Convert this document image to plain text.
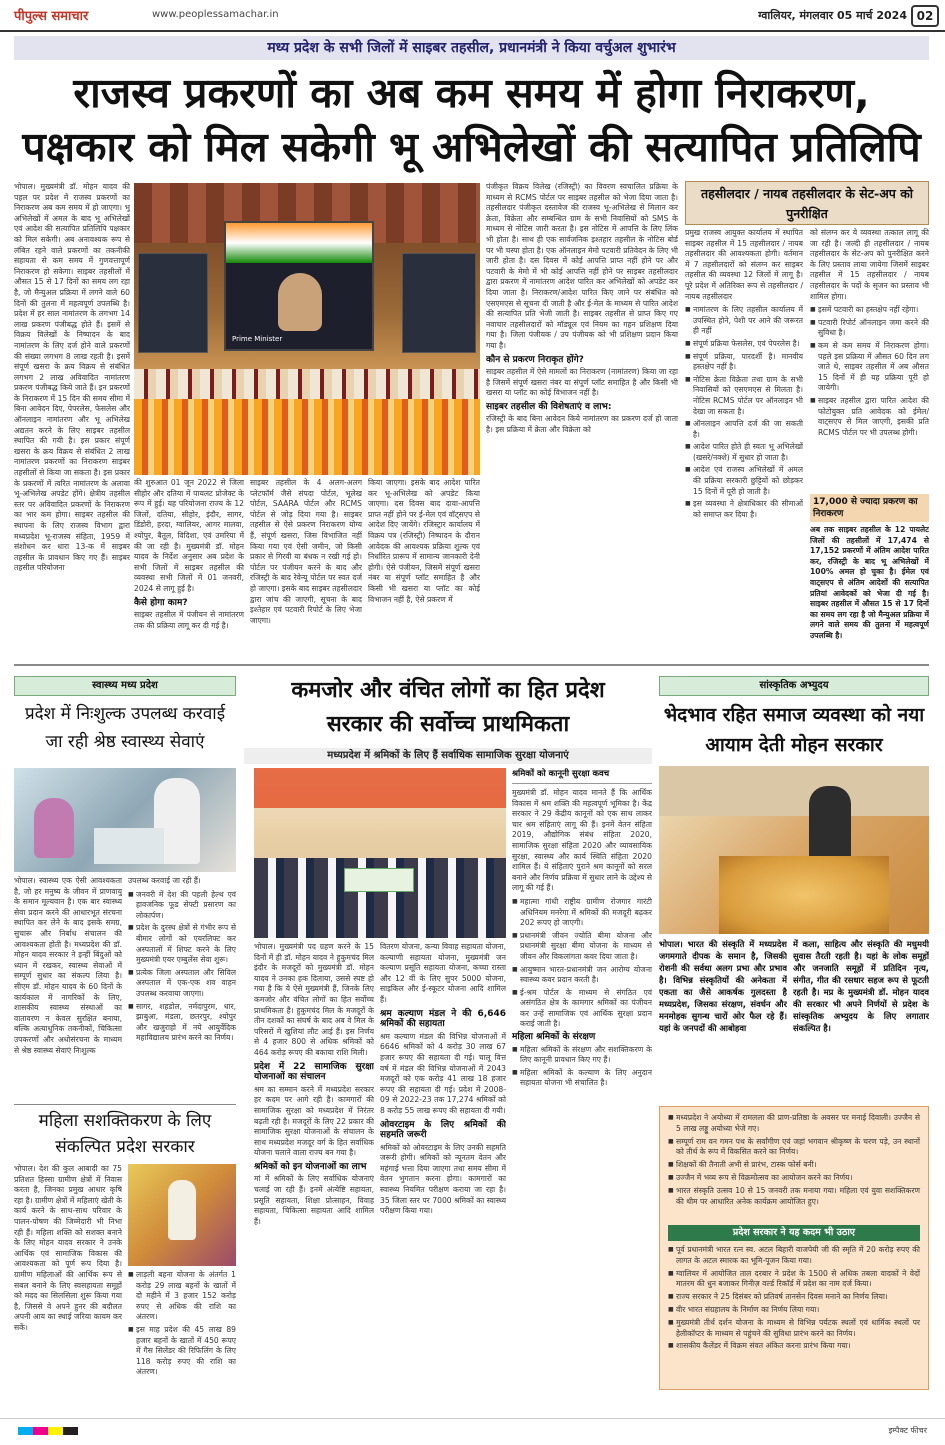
पीपुल्स समाचार	www.peoplessamachar.in	ग्वालियर, मंगलवार 05 मार्च 2024 02
मध्य प्रदेश के सभी जिलों में साइबर तहसील, प्रधानमंत्री ने किया वर्चुअल शुभारंभ
राजस्व प्रकरणों का अब कम समय में होगा निराकरण,
पक्षकार को मिल सकेगी भू अभिलेखों की सत्यापित प्रतिलिपि

भोपाल। मुख्यमंत्री डॉ. मोहन यादव की पहल पर प्रदेश में राजस्व प्रकरणों का निराकरण अब कम समय में हो जाएगा। भू अभिलेखों में अमल के बाद भू अभिलेखों एवं आदेश की सत्यापित प्रतिलिपि पक्षकार को मिल सकेगी। अब अनावश्यक रूप से लंबित रहने वाले प्रकरणों का तकनीकी सहायता से कम समय में गुणवत्तापूर्ण निराकरण हो सकेगा। साइबर तहसीलों में औसत 15 से 17 दिनों का समय लग रहा है, जो मैन्युअल प्रक्रिया में लगने वाले 60 दिनों की तुलना में महत्वपूर्ण उपलब्धि है। प्रदेश में हर साल नामांतरण के लगभग 14 लाख प्रकरण पंजीबद्ध होते हैं। इसमें से विक्रय विलेखों के निष्पादन के बाद नामांतरण के लिए दर्ज होने वाले प्रकरणों की संख्या लगभग 8 लाख रहती है। इसमें संपूर्ण खसरा के क्रय विक्रय से संबंधित लगभग 2 लाख अविवादित नामांतरण प्रकरण पंजीबद्ध किये जाते हैं। इन प्रकरणों के निराकरण में 15 दिन की समय सीमा में बिना आवेदन दिए, पेपरलेस, फेसलेस और ऑनलाइन नामांतरण और भू अभिलेख अद्यतन करने के लिए साइबर तहसील स्थापित की गयी है। इस प्रकार संपूर्ण खसरा के क्रय विक्रय से संबंधित 2 लाख नामांतरण प्रकरणों का निराकरण साइबर तहसीलों से किया जा सकता है। इस प्रकार के प्रकरणों में त्वरित नामांतरण के अलावा भू-अभिलेख अपडेट होंगे। क्षेत्रीय तहसील स्तर पर अविवादित प्रकरणों के निराकरण का भार कम होगा। साइबर तहसील की स्थापना के लिए राजस्व विभाग द्वारा मध्यप्रदेश भू-राजस्व संहिता, 1959 में संशोधन कर धारा 13-क में साइबर तहसील के प्रावधान किए गए हैं। साइबर तहसील परियोजना

Prime Minister

की शुरुआत 01 जून 2022 से जिला सीहोर और दतिया में पायलट प्रोजेक्ट के रूप में हुई। यह परियोजना राज्य के 12 जिलों, दतिया, सीहोर, इंदौर, सागर, डिंडोरी, हरदा, ग्वालियर, आगर मालवा, श्योपुर, बैतूल, विदिशा, एवं उमरिया में की जा रही है। मुख्यमंत्री डॉ. मोहन यादव के निर्देश अनुसार अब प्रदेश के सभी जिलों में साइबर तहसील की व्यवस्था सभी जिलों में 01 जनवरी, 2024 से लागू हुई है।

कैसे होगा काम?

साइबर तहसील में पंजीयन से नामांतरण तक की प्रक्रिया लागू कर दी गई है।

साइबर तहसील के 4 अलग-अलग प्लेटफॉर्म जैसे संपदा पोर्टल, भूलेख पोर्टल, SAARA पोर्टल और RCMS पोर्टल से जोड़ दिया गया है। साइबर तहसील से ऐसे प्रकरण निराकरण योग्य हैं, संपूर्ण खसरा, जिस विभाजित नहीं किया गया एवं ऐसी जमीन, जो किसी प्रकार से गिरवी या बंधक न रखी गई हो। पोर्टल पर पंजीयन करने के बाद और रजिस्ट्री के बाद रेवेन्यू पोर्टल पर स्वत दर्ज हो जाएगा। इसके बाद साइबर तहसीलदार द्वारा जांच की जाएगी, सूचना के बाद इश्तेहार एवं पटवारी रिपोर्ट के लिए भेजा जाएगा।

किया जाएगा। इसके बाद आदेश पारित कर भू-अभिलेख को अपडेट किया जाएगा। दस दिवस बाद दावा-आपत्ति प्राप्त नहीं होने पर ई-मेल एवं वॉट्सएप से आदेश दिए जायेंगे। रजिस्ट्रार कार्यालय में विक्रय पत्र (रजिस्ट्री) निष्पादन के दौरान आवेदक की आवश्यक प्रक्रिया शुल्क एवं निर्धारित प्रारूप में सामान्य जानकारी देनी होगी। ऐसे पंजीयन, जिसमें संपूर्ण खसरा नंबर या संपूर्ण प्लॉट समाहित है और किसी भी खसरा या प्लॉट का कोई विभाजन नहीं है, ऐसे प्रकरण में

पंजीकृत विक्रय विलेख (रजिस्ट्री) का विवरण स्वचालित प्रक्रिया के माध्यम से RCMS पोर्टल पर साइबर तहसील को भेजा दिया जाता है। तहसीलदार पंजीकृत दस्तावेज की राजस्व भू-अभिलेख से मिलान कर क्रेता, विक्रेता और सम्बन्धित ग्राम के सभी निवासियों को SMS के माध्यम से नोटिस जारी करता है। इस नोटिस में आपत्ति के लिए लिंक भी होता है। साथ ही एक सार्वजनिक इश्तहार तहसील के नोटिस बोर्ड पर भी चस्पा होता है। एक ऑनलाइन मेमो पटवारी प्रतिवेदन के लिए भी जारी होता है। दस दिवस में कोई आपत्ति प्राप्त नहीं होने पर और पटवारी के मेमो में भी कोई आपत्ति नहीं होने पर साइबर तहसीलदार द्वारा प्रकरण में नामांतरण आदेश पारित कर अभिलेखों को अपडेट कर दिया जाता है। निराकरण/आदेश पारित किए जाने पर संबंधित को एसएमएस से सूचना दी जाती है और ई-मेल के माध्यम से पारित आदेश की सत्यापित प्रति भेजी जाती है। साइबर तहसील से प्राप्त किए गए नवाचार तहसीलदारों को मॉड्यूल एवं नियम का गहन प्रशिक्षण दिया गया है। जिला पंजीयक / उप पंजीयक को भी प्रशिक्षण प्रदान किया गया है।

कौन से प्रकरण निराकृत होंगे?

साइबर तहसील में ऐसे मामलों का निराकरण (नामांतरण) किया जा रहा है जिसमें संपूर्ण खसरा नंबर या संपूर्ण प्लॉट समाहित है और किसी भी खसरा या प्लॉट का कोई विभाजन नहीं है।

साइबर तहसील की विशेषताएं व लाभ:

रजिस्ट्री के बाद बिना आवेदन किये नामांतरण का प्रकरण दर्ज हो जाता है। इस प्रक्रिया में क्रेता और विक्रेता को

तहसीलदार / नायब तहसीलदार के सेट-अप को पुनरीक्षित

प्रमुख राजस्व आयुक्त कार्यालय में स्थापित साइबर तहसील में 15 तहसीलदार / नायब तहसीलदार की आवश्यकता होगी। वर्तमान में 7 तहसीलदारों को संलग्न कर साइबर तहसील की व्यवस्था 12 जिलों में लागू है। पूरे प्रदेश में अतिरिक्त रूप से तहसीलदार / नायब तहसीलदार

■ नामांतरण के लिए तहसील कार्यालय में उपस्थित होने, पेशी पर आने की जरूरत ही नहीं
■ संपूर्ण प्रक्रिया फेसलेस, एवं पेपरलेस है।
■ संपूर्ण प्रक्रिया, पारदर्शी है। मानवीय हस्तक्षेप नहीं है।
■ नोटिस क्रेता विक्रेता तथा ग्राम के सभी निवासियों को एसएमएस से मिलता है। नोटिस RCMS पोर्टल पर ऑनलाइन भी देखा जा सकता है।
■ ऑनलाइन आपत्ति दर्ज की जा सकती है।
■ आदेश पारित होते ही स्वतः भू अभिलेखों (खसरे/नक्शे) में सुधार हो जाता है।
■ आदेश एवं राजस्व अभिलेखों में अमल की प्रक्रिया सरकारी छुट्टियों को छोड़कर 15 दिनों में पूरी हो जाती है।
■ इस व्यवस्था ने क्षेत्राधिकार की सीमाओं को समाप्त कर दिया है।

को संलग्न कर ये व्यवस्था तत्काल लागू की जा रही है। जल्दी ही तहसीलदार / नायब तहसीलदार के सेट-अप को पुनरीक्षित करने के लिए प्रस्ताव लाया जायेगा जिसमें साइबर तहसील में 15 तहसीलदार / नायब तहसीलदार के पदों के सृजन का प्रस्ताव भी शामिल होगा।

■ इसमें पटवारी का हस्तक्षेप नहीं रहेगा।
■ पटवारी रिपोर्ट ऑनलाइन जमा करने की सुविधा है।
■ कम से कम समय में निराकरण होगा। पहले इस प्रक्रिया में औसत 60 दिन लग जाते थे, साइबर तहसील में अब औसत 15 दिनों में ही यह प्रक्रिया पूरी हो जायेगी।
■ साइबर तहसील द्वारा पारित आदेश की फोटोयुक्त प्रति आवेदक को ईमेल/वाट्सएप से मिल जाएगी, इसकी प्रति RCMS पोर्टल पर भी उपलब्ध होगी।
17,000 से ज्यादा प्रकरण का निराकरण
अब तक साइबर तहसील के 12 पायलेट जिलों की तहसीलों में 17,474 से 17,152 प्रकरणों में अंतिम आदेश पारित कर, रजिस्ट्री के बाद भू अभिलेखों में 100% अमल हो चुका है। ईमेल एवं वाट्सएप से अंतिम आदेशों की सत्यापित प्रतियां आवेदकों को भेजा दी गई है। साइबर तहसील में औसत 15 से 17 दिनों का समय लग रहा है जो मैन्युअल प्रक्रिया में लगने वाले समय की तुलना में महत्वपूर्ण उपलब्धि है।
स्वास्थ्य मध्य प्रदेश
प्रदेश में निःशुल्क उपलब्ध करवाई जा रही श्रेष्ठ स्वास्थ्य सेवाएं

भोपाल। स्वास्थ्य एक ऐसी आवश्यकता है, जो हर मनुष्य के जीवन में प्राणवायु के समान मूल्यवान है। एक बार स्वास्थ्य सेवा प्रदान करने की आधारभूत संरचना स्थापित कर लेने के बाद इसके समग्र, सुचारू और निर्बाध संचालन की आवश्यकता होती है। मध्यप्रदेश की डॉ. मोहन यादव सरकार ने इन्हीं बिंदुओं को ध्यान में रखकर, स्वास्थ्य सेवाओं में सम्पूर्ण सुधार का संकल्प लिया है। सीएम डॉ. मोहन यादव के 60 दिनों के कार्यकाल में नागरिकों के लिए, शासकीय स्वास्थ्य संस्थाओं का वातावरण न केवल सुरक्षित बनाया, बल्कि अत्याधुनिक तकनीकों, चिकित्सा उपकरणों और अधोसंरचना के माध्यम से श्रेष्ठ स्वास्थ्य सेवाएं निःशुल्क

उपलब्ध करवाई जा रही हैं।

■ जनवरी में देश की पहली हेल्थ एवं हावजनिक फूड सेफ्टी प्रसारण का लोकार्पण।
■ प्रदेश के दुरस्थ क्षेत्रों से गंभीर रूप से बीमार लोगों को एयरलिफ्ट कर अस्पतालों में शिफ्ट करने के लिए मुख्यमंत्री एयर एम्बुलेंस सेवा शुरू।
■ प्रत्येक जिला अस्पताल और सिविल अस्पताल में एक-एक शव वाहन उपलब्ध करवाया जाएगा।
■ सागर, शहडोल, नर्मदापुरम, धार, झाबुआ, मंडला, छतरपुर, श्योपुर और खजुराहो में नये आयुर्वेदिक महाविद्यालय प्रारंभ करने का निर्णय।
महिला सशक्तिकरण के लिए संकल्पित प्रदेश सरकार

भोपाल। देश की कुल आबादी का 75 प्रतिशत हिस्सा ग्रामीण क्षेत्रों में निवास करता है, जिनका प्रमुख आधार कृषि रहा है। ग्रामीण क्षेत्रों में महिलाएं खेती के कार्य करने के साथ-साथ परिवार के पालन-पोषण की जिम्मेदारी भी निभा रही हैं। महिला शक्ति को सशक्त बनाने के लिए मोहन यादव सरकार ने उनके आर्थिक एवं सामाजिक विकास की आवश्यकता को पूर्ण रूप दिया है। ग्रामीण महिलाओं की आर्थिक रूप से सबल बनाने के लिए स्वसहायता समूहों को मदद का सिलसिला शुरू किया गया है, जिससे वे अपने हुनर की बदौलत अपनी आय का स्थाई जरिया कायम कर सकें।

■ लाड़ली बहना योजना के अंतर्गत 1 करोड़ 29 लाख बहनों के खातों में दो महीने में 3 हजार 152 करोड़ रुपए से अधिक की राशि का अंतरण।
■ इस माह प्रदेश की 45 लाख 89 हजार बहनों के खातों में 450 रूपए में गैस सिलेंडर की रिफिलिंग के लिए 118 करोड़ रुपए की राशि का अंतरण।
कमजोर और वंचित लोगों का हित प्रदेश
सरकार की सर्वोच्च प्राथमिकता
मध्यप्रदेश में श्रमिकों के लिए हैं सर्वाधिक सामाजिक सुरक्षा योजनाएं
श्रमिकों को कानूनी सुरक्षा कवच

मुख्यमंत्री डॉ. मोहन यादव मानते हैं कि आर्थिक विकास में श्रम शक्ति की महत्वपूर्ण भूमिका है। केंद्र सरकार ने 29 केंद्रीय कानूनों को एक साथ लाकर चार श्रम संहिताएं लागू की हैं। इनमें वेतन संहिता 2019, औद्योगिक संबंध संहिता 2020, सामाजिक सुरक्षा संहिता 2020 और व्यावसायिक सुरक्षा, स्वास्थ्य और कार्य स्थिति संहिता 2020 शामिल हैं। ये संहिताएं पुराने श्रम कानूनों को सरल बनाने और निर्णय प्रक्रिया में सुधार लाने के उद्देश्य से लागू की गई हैं।

■ महात्मा गांधी राष्ट्रीय ग्रामीण रोजगार गारंटी अधिनियम मनरेगा में श्रमिकों की मजदूरी बढ़कर 202 रूपए हो जाएगी।
■ प्रधानमंत्री जीवन ज्योति बीमा योजना और प्रधानमंत्री सुरक्षा बीमा योजना के माध्यम से जीवन और विकलांगता कवर दिया जाता है।
■ आयुष्मान भारत-प्रधानमंत्री जन आरोग्य योजना स्वास्थ्य कवर प्रदान करती है।
■ ई-श्रम पोर्टल के माध्यम से संगठित एवं असंगठित क्षेत्र के कामगार श्रमिकों का पंजीयन कर उन्हें सामाजिक एवं आर्थिक सुरक्षा प्रदान कराई जाती है।
महिला श्रमिकों के संरक्षण
■ महिला श्रमिकों के संरक्षण और सशक्तिकरण के लिए कानूनी प्रावधान किए गए हैं।
■ महिला श्रमिकों के कल्याण के लिए अनुदान सहायता योजना भी संचालित है।

भोपाल। मुख्यमंत्री पद ग्रहण करने के 15 दिनों में ही डॉ. मोहन यादव ने हुकुमचंद मिल इंदौर के मजदूरों को मुख्यमंत्री डॉ. मोहन यादव ने उनका हक दिलाया, उससे स्पष्ट हो गया है कि ये ऐसे मुख्यमंत्री हैं, जिनके लिए कमजोर और वंचित लोगों का हित सर्वोच्च प्राथमिकता है। हुकुमचंद मिल के मजदूरों के तीन दशकों का संघर्ष के बाद अब वे मिल के परिसरों में खुशियां लौट आई हैं। इस निर्णय से 4 हजार 800 से अधिक श्रमिकों को 464 करोड़ रूपए की बकाया राशि मिली।

प्रदेश में 22 सामाजिक सुरक्षा योजनाओं का संचालन

श्रम का सम्मान करने में मध्यप्रदेश सरकार हर कदम पर आगे रही है। कामगारों की सामाजिक सुरक्षा को मध्यप्रदेश में निरंतर बढ़ती रही है। मजदूरों के लिए 22 प्रकार की सामाजिक सुरक्षा योजनाओं के संचालन के साथ मध्यप्रदेश मजदूर वर्ग के हित सर्वाधिक योजना चलाने वाला राज्य बन गया है।

श्रमिकों को इन योजनाओं का लाभ

मां में श्रमिकों के लिए सर्वाधिक योजनाएं चलाई जा रही हैं। इनमें अंत्येष्टि सहायता, प्रसूति सहायता, शिक्षा प्रोत्साहन, विवाह सहायता, चिकित्सा सहायता आदि शामिल हैं।

वितरण योजना, कन्या विवाह सहायता योजना, कल्याणी सहायता योजना, मुख्यमंत्री जन कल्याण प्रसूति सहायता योजना, कच्चा रास्ता और 12 वीं के लिए सुपर 5000 योजना, साइकिल और ई-स्कूटर योजना आदि शामिल हैं।

श्रम कल्याण मंडल ने की 6,646 श्रमिकों की सहायता

श्रम कल्याण मंडल की विभिन्न योजनाओं में 6646 श्रमिकों को 4 करोड़ 30 लाख 67 हजार रूपए की सहायता दी गई। चालू वित्त वर्ष में मंडल की विभिन्न योजनाओं में 2043 मजदूरों को एक करोड़ 41 लाख 18 हजार रूपए की सहायता दी गई। प्रदेश में 2008-09 से 2022-23 तक 17,274 श्रमिकों को 8 करोड़ 55 लाख रूपए की सहायता दी गयी।

ओवरटाइम के लिए श्रमिकों की सहमति जरूरी

श्रमिकों को ओवरटाइम के लिए उनकी सहमति जरूरी होगी। श्रमिकों को न्यूनतम वेतन और महंगाई भत्ता दिया जाएगा तथा समय सीमा में वेतन भुगतान करना होगा। कामगारों का स्वास्थ्य नियमित परीक्षण कराया जा रहा है। 35 जिला स्तर पर 7000 श्रमिकों का स्वास्थ्य परीक्षण किया गया।

सांस्कृतिक अभ्युदय
भेदभाव रहित समाज व्यवस्था को नया आयाम देती मोहन सरकार

भोपाल। भारत की संस्कृति में मध्यप्रदेश जगमगाते दीपक के समान है, जिसकी रोशनी की सर्वथा अलग प्रभा और प्रभाव है। विभिन्न संस्कृतियों की अनेकता में एकता का जैसे आकर्षक गुलदस्ता है मध्यप्रदेश, जिसका संरक्षण, संवर्धन और मनमोहक सुगन्ध चारों ओर फैल रहे हैं। यहां के जनपदों की आबोहवा

में कला, साहित्य और संस्कृति की मधुमयी सुवास तैरती रहती है। यहां के लोक समूहों और जनजाति समूहों में प्रतिदिन नृत्य, संगीत, गीत की रसधार सहज रूप से फूटती रहती है। मप्र के मुख्यमंत्री डॉ. मोहन यादव की सरकार भी अपने निर्णयों से प्रदेश के सांस्कृतिक अभ्युदय के लिए लगातार संकल्पित है।

■ मध्यप्रदेश ने अयोध्या में रामलला की प्राण-प्रतिष्ठा के अवसर पर मनाई दिवाली। उज्जैन से 5 लाख लड्डू अयोध्या भेजे गए।
■ सम्पूर्ण राम वन गमन पथ के सर्वांगीण एवं जहां भगवान श्रीकृष्ण के चरण पड़े, उन स्थानों को तीर्थ के रूप में विकसित करने का निर्णय।
■ शिक्षकों की तैनाती अभी से प्रारंभ, टास्क फोर्स बनी।
■ उज्जैन में भव्य रूप से विक्रमोत्सव का आयोजन करने का निर्णय।
■ भारत संस्कृति उत्सव 10 से 15 जनवरी तक मनाया गया। महिला एवं युवा सशक्तिकरण की थीम पर आधारित अनेक कार्यक्रम आयोजित हुए।
प्रदेश सरकार ने यह कदम भी उठाए
■ पूर्व प्रधानमंत्री भारत रत्न स्व. अटल बिहारी वाजपेयी जी की स्मृति में 20 करोड़ रुपए की लागत के अटल स्मारक का भूमि-पूजन किया गया।
■ ग्वालियर में आयोजित ताल दरबार ने प्रदेश के 1500 से अधिक तबला वादकों ने वेदों मातरम की धुन बजाकर गिनीज़ वर्ल्ड रिकॉर्ड में प्रदेश का नाम दर्ज किया।
■ राज्य सरकार ने 25 दिसंबर को प्रतिवर्ष तानसेन दिवस मनाने का निर्णय लिया।
■ वीर भारत संग्रहालय के निर्माण का निर्णय लिया गया।
■ मुख्यमंत्री तीर्थ दर्शन योजना के माध्यम से विभिन्न पर्यटक स्थलों एवं धार्मिक स्थलों पर हेलीकॉप्टर के माध्यम से पहुंचने की सुविधा प्रारंभ करने का निर्णय।
■ शासकीय कैलेंडर में विक्रम संवत अंकित करना प्रारंभ किया गया।
इम्पैक्ट फीचर
